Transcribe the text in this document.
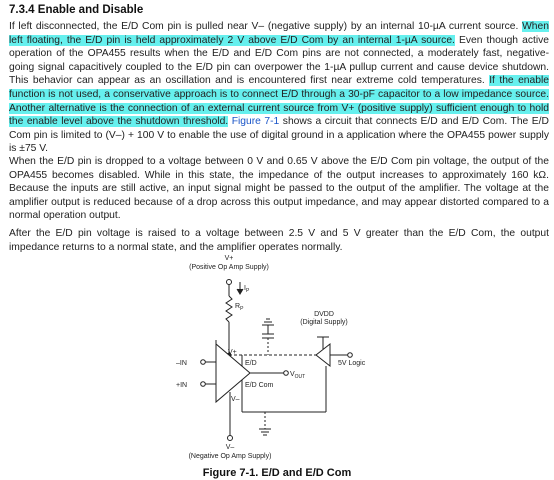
7.3.4 Enable and Disable

If left disconnected, the E/D Com pin is pulled near V– (negative supply) by an internal 10-µA current source. When left floating, the E/D pin is held approximately 2 V above E/D Com by an internal 1-µA source. Even though active operation of the OPA455 results when the E/D and E/D Com pins are not connected, a moderately fast, negative-going signal capacitively coupled to the E/D pin can overpower the 1-µA pullup current and cause device shutdown. This behavior can appear as an oscillation and is encountered first near extreme cold temperatures. If the enable function is not used, a conservative approach is to connect E/D through a 30-pF capacitor to a low impedance source. Another alternative is the connection of an external current source from V+ (positive supply) sufficient enough to hold the enable level above the shutdown threshold. Figure 7-1 shows a circuit that connects E/D and E/D Com. The E/D Com pin is limited to (V–) + 100 V to enable the use of digital ground in a application where the OPA455 power supply is ±75 V.

When the E/D pin is dropped to a voltage between 0 V and 0.65 V above the E/D Com pin voltage, the output of the OPA455 becomes disabled. While in this state, the impedance of the output increases to approximately 160 kΩ. Because the inputs are still active, an input signal might be passed to the output of the amplifier. The voltage at the amplifier output is reduced because of a drop across this output impedance, and may appear distorted compared to a normal operation output.

After the E/D pin voltage is raised to a voltage between 2.5 V and 5 V greater than the E/D Com, the output impedance returns to a normal state, and the amplifier operates normally.

V+
(Positive Op Amp Supply)
$I_P$
$R_P$
DVDD
(Digital Supply)
5V Logic
–IN
+IN
V+
E/D
$V_{OUT}$
E/D Com
V–
V–
(Negative Op Amp Supply)
Figure 7-1. E/D and E/D Com
